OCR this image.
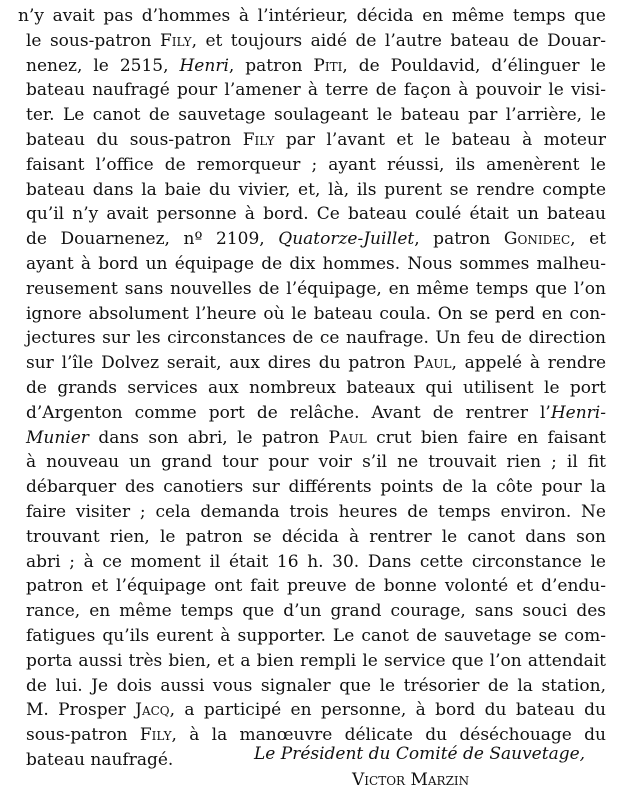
n’y avait pas d’hommes à l’intérieur, décida en même temps que
le sous-patron Fily, et toujours aidé de l’autre bateau de Douar-
nenez, le 2515, Henri, patron Piti, de Pouldavid, d’élinguer le
bateau naufragé pour l’amener à terre de façon à pouvoir le visi-
ter. Le canot de sauvetage soulageant le bateau par l’arrière, le
bateau du sous-patron Fily par l’avant et le bateau à moteur
faisant l’office de remorqueur ; ayant réussi, ils amenèrent le
bateau dans la baie du vivier, et, là, ils purent se rendre compte
qu’il n’y avait personne à bord. Ce bateau coulé était un bateau
de Douarnenez, nº 2109, Quatorze-Juillet, patron Gonidec, et
ayant à bord un équipage de dix hommes. Nous sommes malheu-
reusement sans nouvelles de l’équipage, en même temps que l’on
ignore absolument l’heure où le bateau coula. On se perd en con-
jectures sur les circonstances de ce naufrage. Un feu de direction
sur l’île Dolvez serait, aux dires du patron Paul, appelé à rendre
de grands services aux nombreux bateaux qui utilisent le port
d’Argenton comme port de relâche. Avant de rentrer l’Henri-
Munier dans son abri, le patron Paul crut bien faire en faisant
à nouveau un grand tour pour voir s’il ne trouvait rien ; il fit
débarquer des canotiers sur différents points de la côte pour la
faire visiter ; cela demanda trois heures de temps environ. Ne
trouvant rien, le patron se décida à rentrer le canot dans son
abri ; à ce moment il était 16 h. 30. Dans cette circonstance le
patron et l’équipage ont fait preuve de bonne volonté et d’endu-
rance, en même temps que d’un grand courage, sans souci des
fatigues qu’ils eurent à supporter. Le canot de sauvetage se com-
porta aussi très bien, et a bien rempli le service que l’on attendait
de lui. Je dois aussi vous signaler que le trésorier de la station,
M. Prosper Jacq, a participé en personne, à bord du bateau du
sous-patron Fily, à la manœuvre délicate du déséchouage du
bateau naufragé.	Le Président du Comité de Sauvetage,
Victor Marzin
